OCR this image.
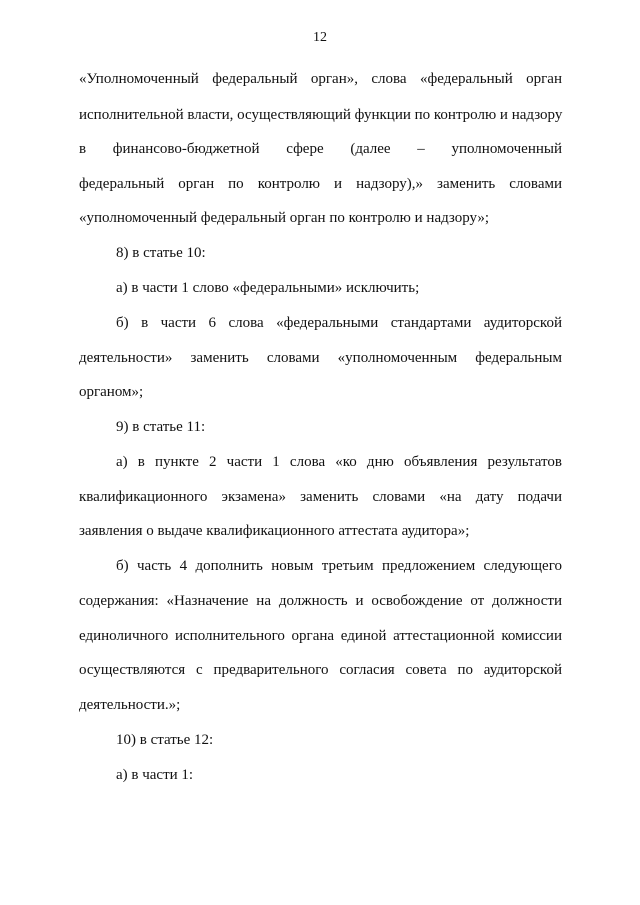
12
«Уполномоченный федеральный орган», слова «федеральный орган
исполнительной власти, осуществляющий функции по контролю и надзору
в финансово-бюджетной сфере (далее – уполномоченный
федеральный орган по контролю и надзору),» заменить словами
«уполномоченный федеральный орган по контролю и надзору»;
8) в статье 10:
а) в части 1 слово «федеральными» исключить;
б) в части 6 слова «федеральными стандартами аудиторской
деятельности» заменить словами «уполномоченным федеральным
органом»;
9) в статье 11:
а) в пункте 2 части 1 слова «ко дню объявления результатов
квалификационного экзамена» заменить словами «на дату подачи
заявления о выдаче квалификационного аттестата аудитора»;
б) часть 4 дополнить новым третьим предложением следующего
содержания: «Назначение на должность и освобождение от должности
единоличного исполнительного органа единой аттестационной комиссии
осуществляются с предварительного согласия совета по аудиторской
деятельности.»;
10) в статье 12:
а) в части 1:
